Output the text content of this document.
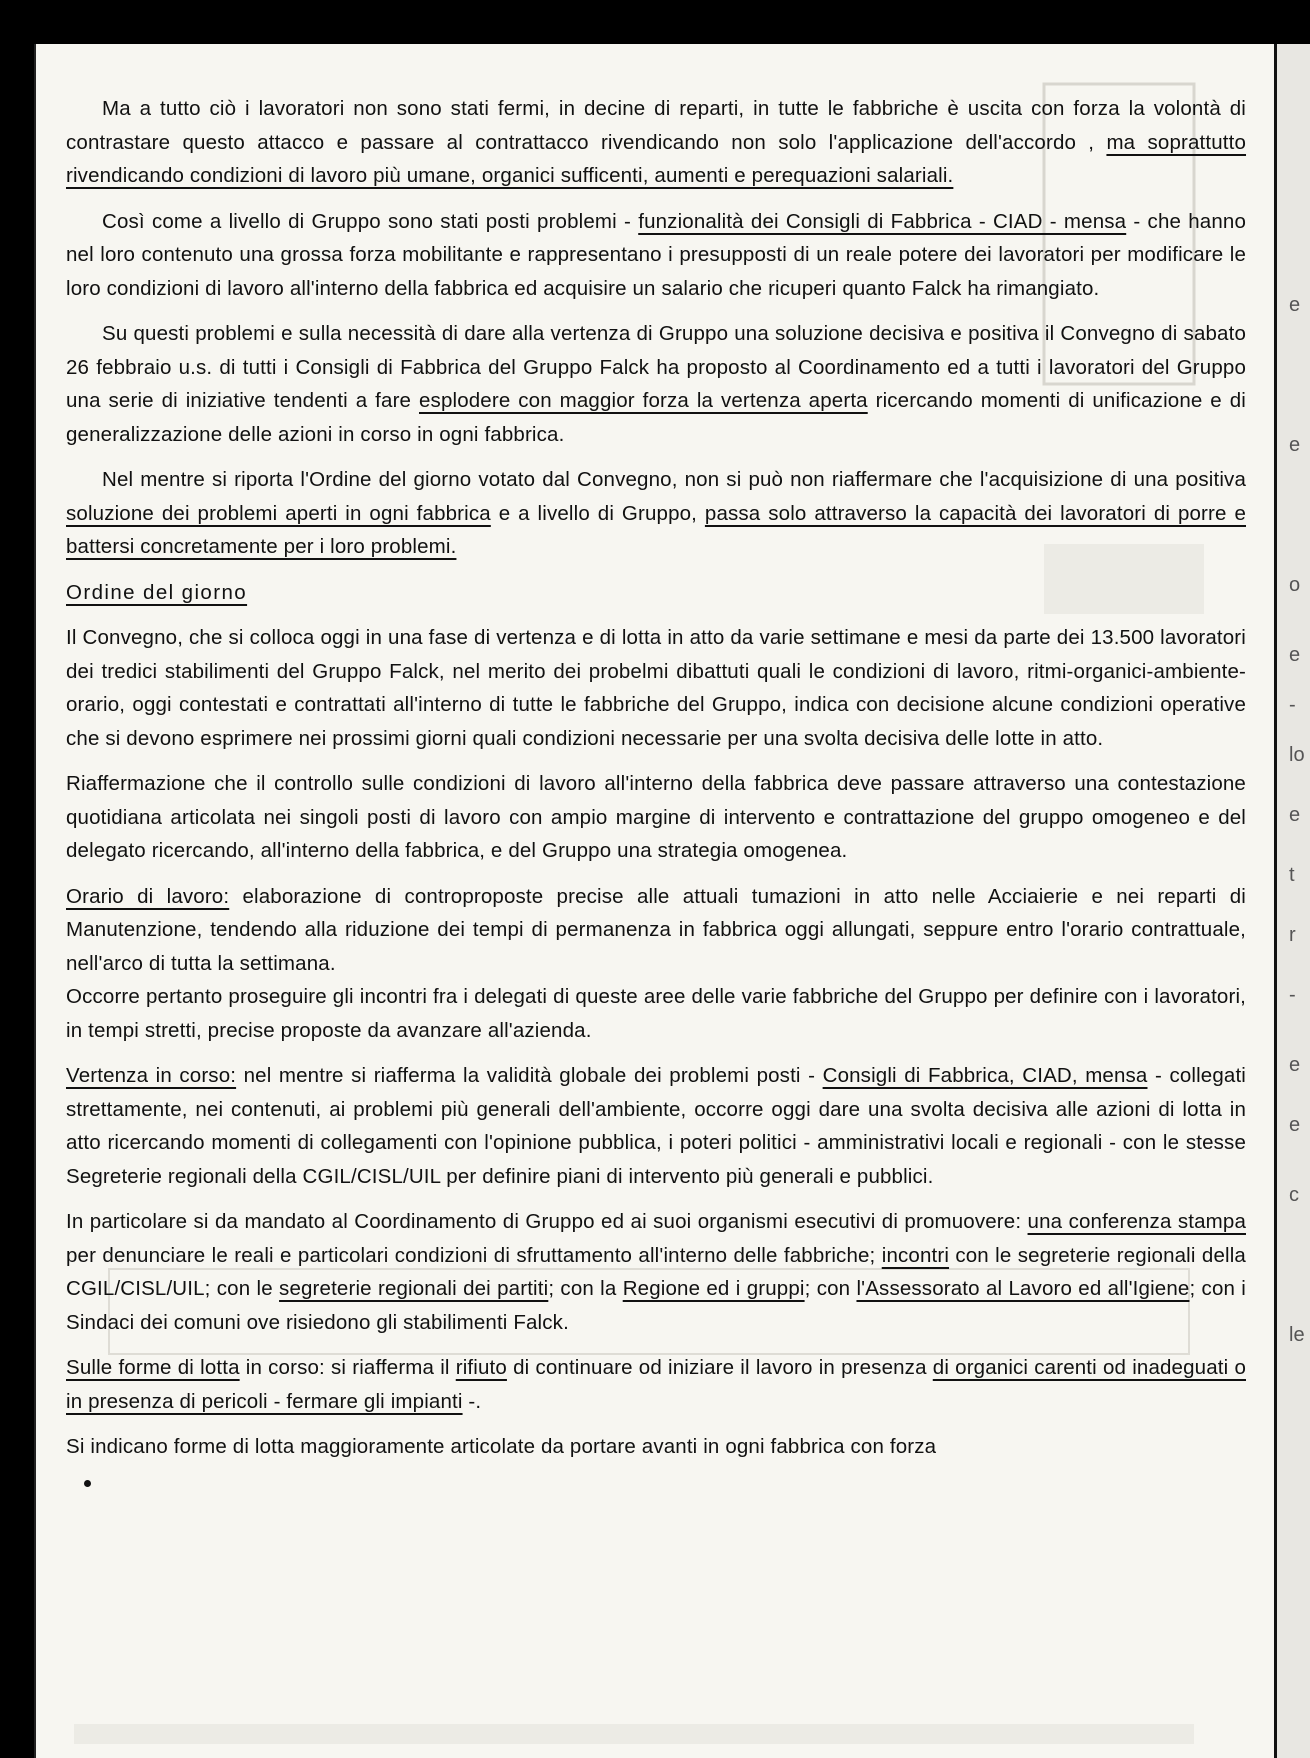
e
e
o
e
-
lo
e
t
r
-
e
e
c
le

Ma a tutto ciò i lavoratori non sono stati fermi, in decine di reparti, in tutte le fabbriche è uscita con forza la volontà di contrastare questo attacco e passare al contrattacco rivendicando non solo l'applicazione dell'accordo , ma soprattutto rivendicando condizioni di lavoro più umane, organici sufficenti, aumenti e perequazioni salariali.

Così come a livello di Gruppo sono stati posti problemi - funzionalità dei Consigli di Fabbrica - CIAD - mensa - che hanno nel loro contenuto una grossa forza mobilitante e rappresentano i presupposti di un reale potere dei lavoratori per modificare le loro condizioni di lavoro all'interno della fabbrica ed acquisire un salario che ricuperi quanto Falck ha rimangiato.

Su questi problemi e sulla necessità di dare alla vertenza di Gruppo una soluzione decisiva e positiva il Convegno di sabato 26 febbraio u.s. di tutti i Consigli di Fabbrica del Gruppo Falck ha proposto al Coordinamento ed a tutti i lavoratori del Gruppo una serie di iniziative tendenti a fare esplodere con maggior forza la vertenza aperta ricercando momenti di unificazione e di generalizzazione delle azioni in corso in ogni fabbrica.

Nel mentre si riporta l'Ordine del giorno votato dal Convegno, non si può non riaffermare che l'acquisizione di una positiva soluzione dei problemi aperti in ogni fabbrica e a livello di Gruppo, passa solo attraverso la capacità dei lavoratori di porre e battersi concretamente per i loro problemi.

Ordine del giorno

Il Convegno, che si colloca oggi in una fase di vertenza e di lotta in atto da varie settimane e mesi da parte dei 13.500 lavoratori dei tredici stabilimenti del Gruppo Falck, nel merito dei probelmi dibattuti quali le condizioni di lavoro, ritmi-organici-ambiente-orario, oggi contestati e contrattati all'interno di tutte le fabbriche del Gruppo, indica con decisione alcune condizioni operative che si devono esprimere nei prossimi giorni quali condizioni necessarie per una svolta decisiva delle lotte in atto.

Riaffermazione che il controllo sulle condizioni di lavoro all'interno della fabbrica deve passare attraverso una contestazione quotidiana articolata nei singoli posti di lavoro con ampio margine di intervento e contrattazione del gruppo omogeneo e del delegato ricercando, all'interno della fabbrica, e del Gruppo una strategia omogenea.

Orario di lavoro: elaborazione di controproposte precise alle attuali tumazioni in atto nelle Acciaierie e nei reparti di Manutenzione, tendendo alla riduzione dei tempi di permanenza in fabbrica oggi allungati, seppure entro l'orario contrattuale, nell'arco di tutta la settimana.

Occorre pertanto proseguire gli incontri fra i delegati di queste aree delle varie fabbriche del Gruppo per definire con i lavoratori, in tempi stretti, precise proposte da avanzare all'azienda.

Vertenza in corso: nel mentre si riafferma la validità globale dei problemi posti - Consigli di Fabbrica, CIAD, mensa - collegati strettamente, nei contenuti, ai problemi più generali dell'ambiente, occorre oggi dare una svolta decisiva alle azioni di lotta in atto ricercando momenti di collegamenti con l'opinione pubblica, i poteri politici - amministrativi locali e regionali - con le stesse Segreterie regionali della CGIL/CISL/UIL per definire piani di intervento più generali e pubblici.

In particolare si da mandato al Coordinamento di Gruppo ed ai suoi organismi esecutivi di promuovere: una conferenza stampa per denunciare le reali e particolari condizioni di sfruttamento all'interno delle fabbriche; incontri con le segreterie regionali della CGIL/CISL/UIL; con le segreterie regionali dei partiti; con la Regione ed i gruppi; con l'Assessorato al Lavoro ed all'Igiene; con i Sindaci dei comuni ove risiedono gli stabilimenti Falck.

Sulle forme di lotta in corso: si riafferma il rifiuto di continuare od iniziare il lavoro in presenza di organici carenti od inadeguati o in presenza di pericoli - fermare gli impianti -.

Si indicano forme di lotta maggioramente articolate da portare avanti in ogni fabbrica con forza
